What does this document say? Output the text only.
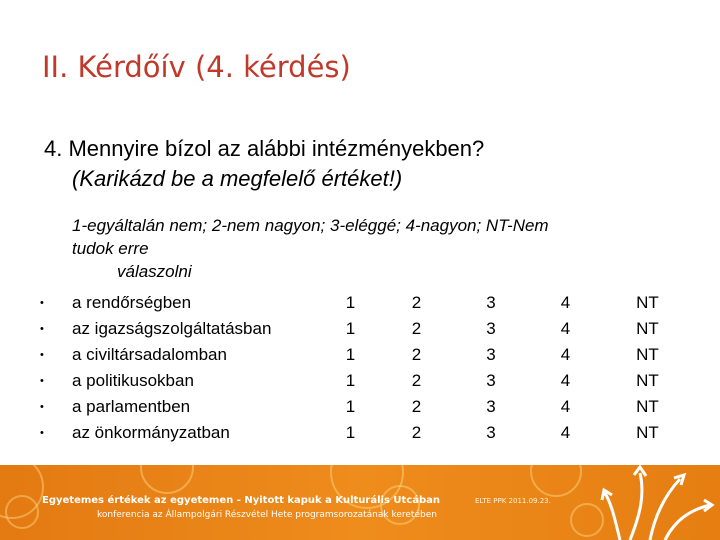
II. Kérdőív (4. kérdés)
4. Mennyire bízol az alábbi intézményekben?
(Karikázd be a megfelelő értéket!)
1-egyáltalán nem; 2-nem nagyon; 3-eléggé; 4-nagyon; NT-Nem
tudok erre

válaszolni
•	a rendőrségben	1	2	3	4	NT
•	az igazságszolgáltatásban	1	2	3	4	NT
•	a civiltársadalomban	1	2	3	4	NT
•	a politikusokban	1	2	3	4	NT
•	a parlamentben	1	2	3	4	NT
•	az önkormányzatban	1	2	3	4	NT
Egyetemes értékek az egyetemen - Nyitott kapuk a Kulturális Utcában
konferencia az Állampolgári Részvétel Hete programsorozatának keretében
ELTE PPK 2011.09.23.
